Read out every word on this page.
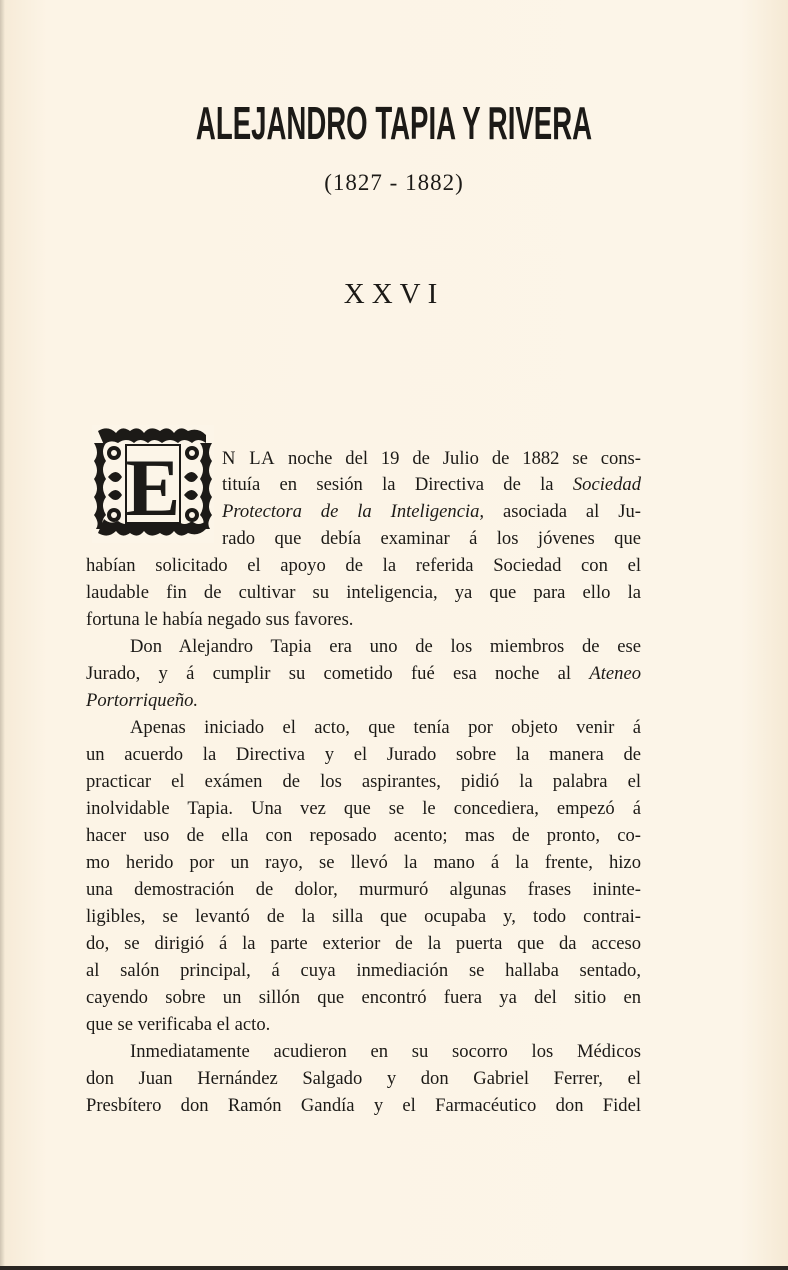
ALEJANDRO TAPIA Y RIVERA
(1827 - 1882)
XXVI
E N LA noche del 19 de Julio de 1882 se cons-
tituía en sesión la Directiva de la Sociedad
Protectora de la Inteligencia, asociada al Ju-
rado que debía examinar á los jóvenes que
habían solicitado el apoyo de la referida Sociedad con el
laudable fin de cultivar su inteligencia, ya que para ello la
fortuna le había negado sus favores.
Don Alejandro Tapia era uno de los miembros de ese
Jurado, y á cumplir su cometido fué esa noche al Ateneo
Portorriqueño.
Apenas iniciado el acto, que tenía por objeto venir á
un acuerdo la Directiva y el Jurado sobre la manera de
practicar el exámen de los aspirantes, pidió la palabra el
inolvidable Tapia. Una vez que se le concediera, empezó á
hacer uso de ella con reposado acento; mas de pronto, co-
mo herido por un rayo, se llevó la mano á la frente, hizo
una demostración de dolor, murmuró algunas frases ininte-
ligibles, se levantó de la silla que ocupaba y, todo contrai-
do, se dirigió á la parte exterior de la puerta que da acceso
al salón principal, á cuya inmediación se hallaba sentado,
cayendo sobre un sillón que encontró fuera ya del sitio en
que se verificaba el acto.
Inmediatamente acudieron en su socorro los Médicos
don Juan Hernández Salgado y don Gabriel Ferrer, el
Presbítero don Ramón Gandía y el Farmacéutico don Fidel
